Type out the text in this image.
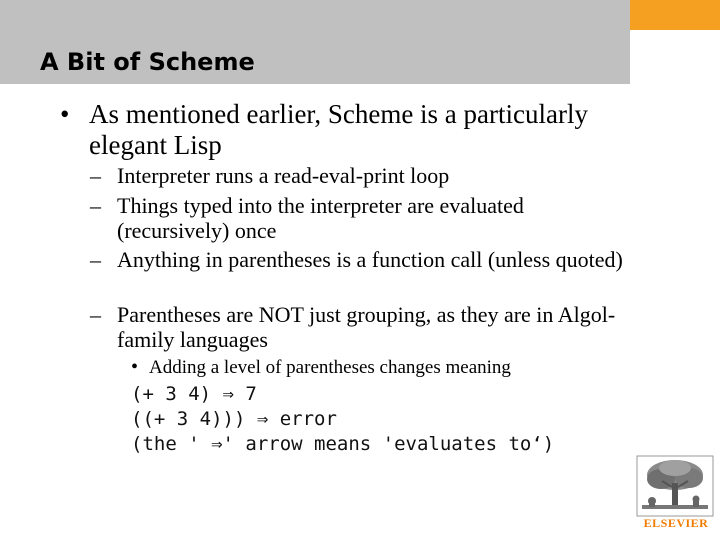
A Bit of Scheme
• As mentioned earlier, Scheme is a particularly elegant Lisp
– Interpreter runs a read-eval-print loop
– Things typed into the interpreter are evaluated (recursively) once
– Anything in parentheses is a function call (unless quoted)
– Parentheses are NOT just grouping, as they are in Algol-family languages
• Adding a level of parentheses changes meaning
(+ 3 4) ⇒ 7
((+ 3 4))) ⇒ error
(the ' ⇒' arrow means 'evaluates to‘)
ELSEVIER
